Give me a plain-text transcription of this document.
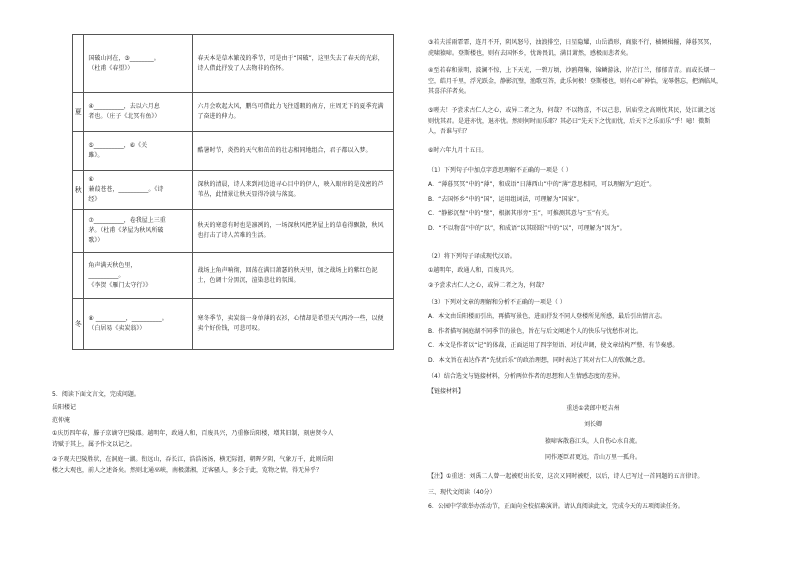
	国破山河在，③________。
（杜甫《春望》）	春天本是草木繁茂的季节，可是由于“国破”，这里失去了春天的光彩，诗人借此抒发了人去物非的伤怀。
夏	④__________，去以六月息
者也。（庄子《北冥有鱼》）	六月会吹起大风，鹏鸟可借此力飞往遥暇的南方，庄周无下的夏季充满了奋进的伸力。

	⑤__________，⑥《关
雎》。	酷暑时节，炎热的天气和茁茁的壮志相同地组合，君子都以入梦。
秋	⑥
蒹葭苍苍，__________。《诗
经》	深秋的清晨，诗人来到河边追寻心目中的伊人，映入眼帘的是茂密的芦苇丛，此情景让秋天显得冷淡与落寞。

	⑦__________，卷我屋上三重
茅。（杜甫《茅屋为秋风所破
歌》）	秋天的寒意有时也是凛冽的，一场深秋风把茅屋上的草卷得飘散，秋风也打击了诗人苦难的生活。

	角声满天秋色里，
__________。
《李贺《雁门太守行》》	战场上角声响彻，回荡在满目萧瑟的秋天里，加之战场上的紫红色泥土，色调十分黑沉，渲染悲壮的氛围。
冬	⑧ __________，__________。
（白居易《卖炭翁》）	寒冬季节，卖炭翁一身单薄的衣衫，心情却是希望天气再冷一些，以便卖个好价钱，可悲可叹。
5．阅读下面文言文，完成问题。
岳阳楼记
范仲淹
①庆历四年春，滕子京谪守巴陵郡。越明年，政通人和，百废具兴，乃重修岳阳楼，增其旧制，刻唐贤今人
诗赋于其上，属予作文以记之。
②予观夫巴陵胜状，在洞庭一湖。衔远山，吞长江，浩浩汤汤，横无际涯，朝晖夕阴，气象万千，此则岳阳
楼之大观也，前人之述备矣。然则北通巫峡，南极潇湘，迁客骚人，多会于此，览物之情，得无异乎？
③若夫淫雨霏霏，连月不开，阴风怒号，浊浪排空，日星隐耀，山岳潜形，商旅不行，樯倾楫摧，薄暮冥冥，
虎啸猿啼。登斯楼也，则有去国怀乡，忧谗畏讥，满目萧然，感极而悲者矣。
④至若春和景明，波澜不惊，上下天光，一碧万顷，沙鸥翔集，锦鳞游泳，岸芷汀兰，郁郁青青。而或长烟一
空，皓月千里，浮光跃金，静影沉璧，渔歌互答，此乐何极！登斯楼也，则有心旷神怡，宠辱偕忘，把酒临风，
其喜洋洋者矣。
⑤嗟夫！予尝求古仁人之心，或异二者之为，何哉？不以物喜，不以己悲，居庙堂之高则忧其民，处江湖之远
则忧其君。是进亦忧，退亦忧。然则何时而乐耶？其必曰“先天下之忧而忧，后天下之乐而乐”乎！噫！微斯
人，吾谁与归？
⑥时六年九月十五日。
（1）下列句子中加点字意思理解不正确的一项是（ ）
A．“薄暮冥冥”中的“薄”，和成语“日薄西山”中的“薄”意思相同，可以理解为“迫近”。
B．“去国怀乡”中的“国”，运用组词法，可理解为“国家”。
C．“静影沉璧”中的“璧”，根据其形旁“玉”，可推测其意与“玉”有关。
D．“不以物喜”中的“以”，和成语“以其昭昭”中的“以”，可理解为“因为”。
（2）将下列句子译成现代汉语。
①越明年，政通人和，百废具兴。
②予尝求古仁人之心，或异二者之为，何哉？
（3）下列对文章的理解和分析不正确的一项是（ ）
A．本文由岳阳楼而引出，再描写景色，进而抒发不同人登楼所见所感，最后引出情言志。
B．作者描写洞庭湖不同季节的景色，旨在与后文阐述个人的快乐与忧愁作对比。
C．本文是作者以“记”的体裁，正面运用了四字短语、对仗声调，使文章结构严整、有节奏感。
D．本文旨在表达作者“先忧后乐”的政治理想，同时表达了其对古仁人的钦佩之意。
（4）结合选文与链接材料，分析两位作者的思想和人生情感态度的差异。
【链接材料】
重送①裴郎中贬吉州
刘长卿
猿啼客散暮江头，人自伤心水自流。
同作逐臣君更远，青山万里一孤舟。
【注】①重送：刘禹二人曾一起被贬出长安，这次又同时被贬，以后，诗人已写过一首同题的五言律诗。
三、现代文阅读（40分）
6．公园中学欲举办活动节，正面向全校招募演讲。请认真阅读此文，完成今天的五项阅读任务。
